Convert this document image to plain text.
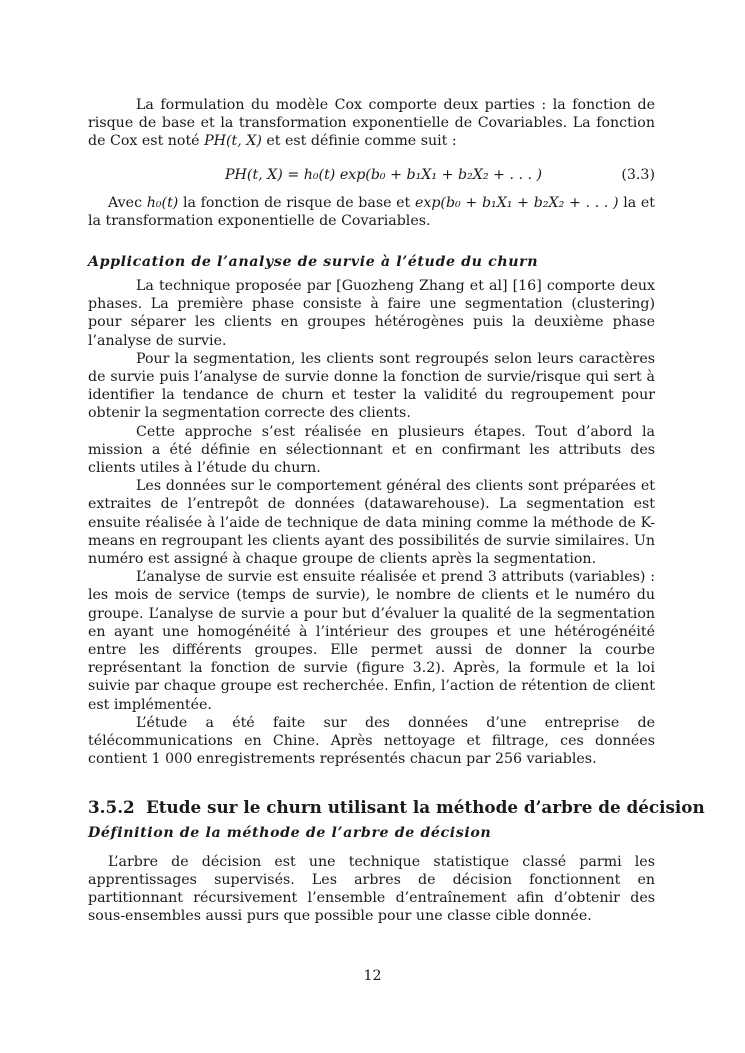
La formulation du modèle Cox comporte deux parties : la fonction de risque de base et la transformation exponentielle de Covariables. La fonction de Cox est noté PH(t, X) et est définie comme suit :

PH(t, X) = h₀(t) exp(b₀ + b₁X₁ + b₂X₂ + . . . )	(3.3)

Avec h₀(t) la fonction de risque de base et exp(b₀ + b₁X₁ + b₂X₂ + . . . ) la et la transformation exponentielle de Covariables.

Application de l’analyse de survie à l’étude du churn

La technique proposée par [Guozheng Zhang et al] [16] comporte deux phases. La première phase consiste à faire une segmentation (clustering) pour séparer les clients en groupes hétérogènes puis la deuxième phase l’analyse de survie.

Pour la segmentation, les clients sont regroupés selon leurs caractères de survie puis l’analyse de survie donne la fonction de survie/risque qui sert à identifier la tendance de churn et tester la validité du regroupement pour obtenir la segmentation correcte des clients.

Cette approche s’est réalisée en plusieurs étapes. Tout d’abord la mission a été définie en sélectionnant et en confirmant les attributs des clients utiles à l’étude du churn.

Les données sur le comportement général des clients sont préparées et extraites de l’entrepôt de données (datawarehouse). La segmentation est ensuite réalisée à l’aide de technique de data mining comme la méthode de K-means en regroupant les clients ayant des possibilités de survie similaires. Un numéro est assigné à chaque groupe de clients après la segmentation.

L’analyse de survie est ensuite réalisée et prend 3 attributs (variables) : les mois de service (temps de survie), le nombre de clients et le numéro du groupe. L’analyse de survie a pour but d’évaluer la qualité de la segmentation en ayant une homogénéité à l’intérieur des groupes et une hétérogénéité entre les différents groupes. Elle permet aussi de donner la courbe représentant la fonction de survie (figure 3.2). Après, la formule et la loi suivie par chaque groupe est recherchée. Enfin, l’action de rétention de client est implémentée.

L’étude a été faite sur des données d’une entreprise de télécommunications en Chine. Après nettoyage et filtrage, ces données contient 1 000 enregistrements représentés chacun par 256 variables.

3.5.2 Etude sur le churn utilisant la méthode d’arbre de décision
Définition de la méthode de l’arbre de décision

L’arbre de décision est une technique statistique classé parmi les apprentissages supervisés. Les arbres de décision fonctionnent en partitionnant récursivement l’ensemble d’entraînement afin d’obtenir des sous-ensembles aussi purs que possible pour une classe cible donnée.

12
